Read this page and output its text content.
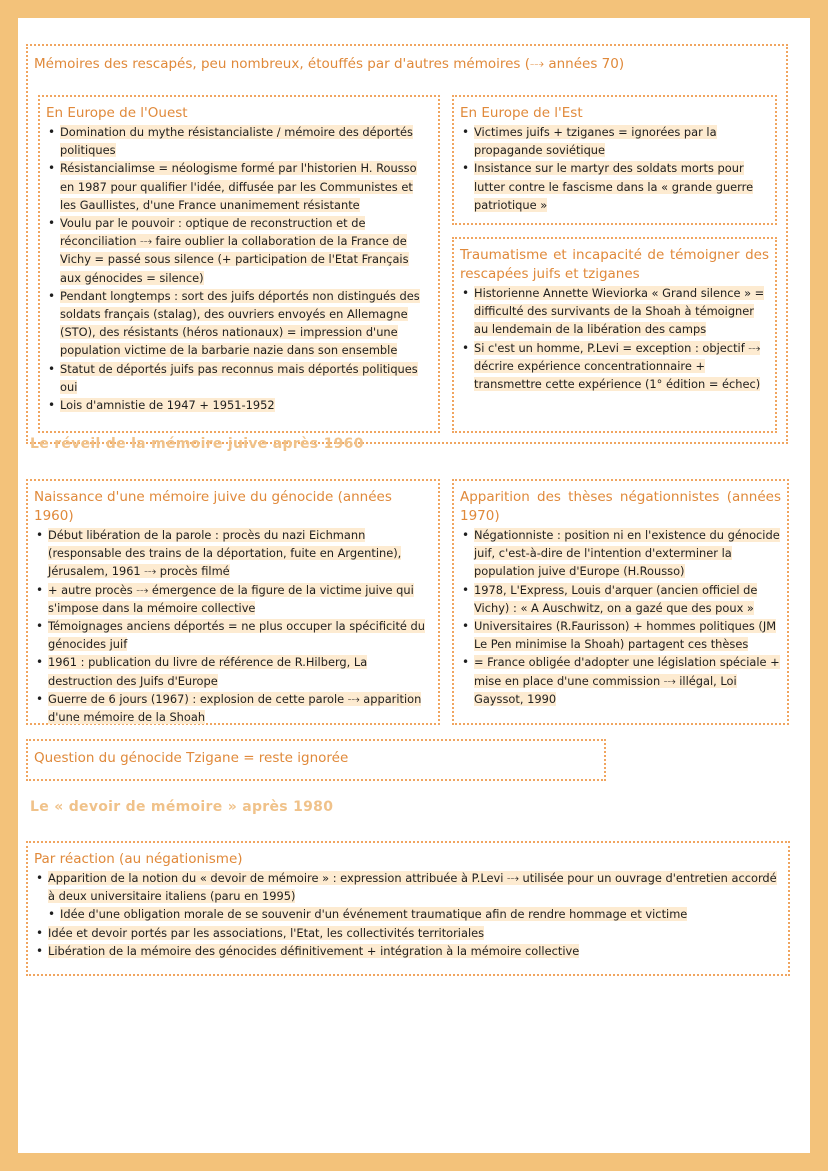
Mémoires des rescapés, peu nombreux, étouffés par d'autres mémoires (⤏ années 70)

En Europe de l'Ouest

• Domination du mythe résistancialiste / mémoire des déportés politiques
• Résistancialimse = néologisme formé par l'historien H. Rousso en 1987 pour qualifier l'idée, diffusée par les Communistes et les Gaullistes, d'une France unanimement résistante
• Voulu par le pouvoir : optique de reconstruction et de réconciliation ⤏ faire oublier la collaboration de la France de Vichy = passé sous silence (+ participation de l'Etat Français aux génocides = silence)
• Pendant longtemps : sort des juifs déportés non distingués des soldats français (stalag), des ouvriers envoyés en Allemagne (STO), des résistants (héros nationaux) = impression d'une population victime de la barbarie nazie dans son ensemble
• Statut de déportés juifs pas reconnus mais déportés politiques oui
• Lois d'amnistie de 1947 + 1951-1952

En Europe de l'Est

• Victimes juifs + tziganes = ignorées par la propagande soviétique
• Insistance sur le martyr des soldats morts pour lutter contre le fascisme dans la « grande guerre patriotique »

Traumatisme et incapacité de témoigner des rescapées juifs et tziganes

• Historienne Annette Wieviorka « Grand silence » = difficulté des survivants de la Shoah à témoigner au lendemain de la libération des camps
• Si c'est un homme, P.Levi = exception : objectif ⤏ décrire expérience concentrationnaire + transmettre cette expérience (1° édition = échec)
Le réveil de la mémoire juive après 1960

Naissance d'une mémoire juive du génocide (années 1960)

• Début libération de la parole : procès du nazi Eichmann (responsable des trains de la déportation, fuite en Argentine), Jérusalem, 1961 ⤏ procès filmé
• + autre procès ⤏ émergence de la figure de la victime juive qui s'impose dans la mémoire collective
• Témoignages anciens déportés = ne plus occuper la spécificité du génocides juif
• 1961 : publication du livre de référence de R.Hilberg, La destruction des Juifs d'Europe
• Guerre de 6 jours (1967) : explosion de cette parole ⤏ apparition d'une mémoire de la Shoah

Apparition des thèses négationnistes (années 1970)

• Négationniste : position ni en l'existence du génocide juif, c'est-à-dire de l'intention d'exterminer la population juive d'Europe (H.Rousso)
• 1978, L'Express, Louis d'arquer (ancien officiel de Vichy) : « A Auschwitz, on a gazé que des poux »
• Universitaires (R.Faurisson) + hommes politiques (JM Le Pen minimise la Shoah) partagent ces thèses
• = France obligée d'adopter une législation spéciale + mise en place d'une commission ⤏ illégal, Loi Gayssot, 1990

Question du génocide Tzigane = reste ignorée

Le « devoir de mémoire » après 1980

Par réaction (au négationisme)

• Apparition de la notion du « devoir de mémoire » : expression attribuée à P.Levi ⤏ utilisée pour un ouvrage d'entretien accordé à deux universitaire italiens (paru en 1995)
• Idée d'une obligation morale de se souvenir d'un événement traumatique afin de rendre hommage et victime
• Idée et devoir portés par les associations, l'Etat, les collectivités territoriales
• Libération de la mémoire des génocides définitivement + intégration à la mémoire collective
